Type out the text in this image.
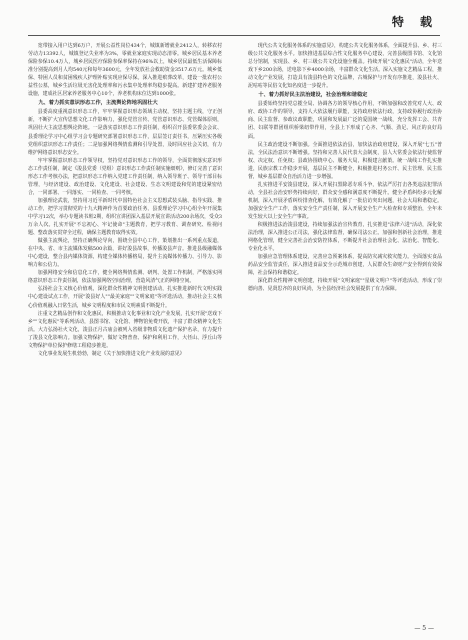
特 载

宽带接入用户达到6万户，开展公益性岗位434个，城镇新增就业2412人，转移农村劳动力13392人，城镇登记失业率为3%，零就业家庭实现动态清零。城乡居民基本养老保险参保10.4万人，城乡居民医疗保险参保率保持在96%以上，城乡居民最低生活保障标准分别提高到月人均540元和每年3600元，全年发放社会救助资金3517.6万元。城乡低保、特困人员和贫困残疾人护理补贴实现应保尽保。深入推进殡葬改革，建设一批农村公益性公墓，城乡生活垃圾无害化处理率和污水集中处理率均稳步提高。新建扩建养老服务设施，建成社区居家养老服务中心10个，养老机构床位达到1000张。

九、着力抓实意识形态工作，主流舆论阵地巩固壮大

县委高度重视意识形态工作，牢牢掌握意识形态领域主动权，坚持主题主线，守正创新，不断扩大宣传思想文化工作影响力，强化党管宣传、党管意识形态、党管媒体原则，巩固壮大主流思想舆论阵地。一是落实意识形态工作责任制，组织召开县委常委会会议、县委理论学习中心组学习会专题研究部署意识形态工作，层层签订责任书，压紧压实各级党组织意识形态工作责任；二是加强网络舆情监测和引导处置，及时回应社会关切，有力维护网络意识形态安全。

牢牢掌握意识形态工作领导权，坚持党对意识形态工作的领导，全面贯彻落实意识形态工作责任制，制定《浚县党委（党组）意识形态工作责任制实施细则》，修订完善了意识形态工作考核办法，把意识形态工作纳入党建工作责任制，纳入领导班子、领导干部目标管理，与经济建设、政治建设、文化建设、社会建设、生态文明建设和党的建设紧密结合，一同部署、一同落实、一同检查、一同考核。

加强理论武装，坚持用习近平新时代中国特色社会主义思想武装头脑、指导实践、推动工作，把学习贯彻党的十九大精神作为首要政治任务，县委理论学习中心组全年开展集中学习12次，举办专题读书班2期，组织宣讲团深入基层开展宣讲活动200余场次，受众3万余人次。扎实开展"不忘初心、牢记使命"主题教育，把学习教育、调查研究、检视问题、整改落实贯穿全过程，确保主题教育取得实效。

做强主流舆论，坚持正确舆论导向，围绕全县中心工作，策划推出一系列重点报道，在中央、省、市主流媒体发稿500余篇，讲好浚县故事，传播浚县声音。推进县级融媒体中心建设，整合县内媒体资源，构建全媒体传播格局，提升主流媒体传播力、引导力、影响力和公信力。

加强网络安全和信息化工作，健全网络舆情监测、研判、处置工作机制，严格落实网络意识形态工作责任制，依法加强网络空间治理，营造风清气正的网络空间。

弘扬社会主义核心价值观，深化群众性精神文明创建活动，扎实推进新时代文明实践中心建设试点工作，开展"浚县好人""最美家庭""文明家庭"等评选活动，推动社会主义核心价值观融入日常生活，城乡文明程度和市民文明素质不断提升。

注重文艺精品创作和文化惠民，积极推动文化事业和文化产业发展，扎实开展"送戏下乡""文化惠民"等系列活动，县图书馆、文化馆、博物馆免费开放，丰富了群众精神文化生活。大力弘扬社火文化，浚县正月古庙会被列入省级非物质文化遗产保护名录，有力提升了浚县文化影响力。加强文物保护，做好文物普查、保护和利用工作，大伾山、浮丘山等文物保护单位保护修缮工程稳步推进。

文化事业发展生机勃勃，制定《关于加快推进文化产业发展的意见》

现代公共文化服务体系的实施意见》，构建公共文化服务体系，全面提升县、乡、村三级公共文化服务水平。加快推进基层综合性文化服务中心建设，完善县级图书馆、文化馆总分馆制，实现县、乡、村三级公共文化设施全覆盖。持续开展"文化惠民"活动，全年送戏下乡200余场，送电影下乡4000余场，丰富群众文化生活。深入实施文艺精品工程，推动文化产业发展，打造具有浚县特色的文化品牌，古城保护与开发有序推进，浚县社火、泥咕咕等民俗文化知名度进一步提升。

十、着力抓好民主法治建设，社会治理和谐稳定

县委始终坚持党总揽全局、协调各方的领导核心作用，不断加强和改善党对人大、政府、政协工作的领导，支持人大依法履行职能，支持政府依法行政，支持政协履行政治协商、民主监督、参政议政职能，巩固和发展最广泛的爱国统一战线，充分发挥工会、共青团、妇联等群团组织桥梁纽带作用，全县上下形成了心齐、气顺、劲足、风正的良好局面。

民主政治建设不断加强。全面推进依法治县，加快法治政府建设，深入开展"七五"普法，全民法治意识不断增强。坚持和完善人民代表大会制度，县人大常委会依法行使监督权、决定权、任免权；县政协围绕中心、服务大局，积极建言献策。统一战线工作扎实推进，民族宗教工作稳步开展，基层民主不断健全，积极推进村务公开、民主管理、民主监督，城乡基层群众自治活力进一步增强。

扎实推进平安浚县建设，深入开展扫黑除恶专项斗争，依法严厉打击各类违法犯罪活动，全县社会治安形势持续向好，群众安全感和满意度不断提升。健全矛盾纠纷多元化解机制，深入开展矛盾纠纷排查化解，有效化解了一批信访突出问题，社会大局和谐稳定。加强安全生产工作，落实安全生产责任制，深入开展安全生产大检查和专项整治，全年未发生较大以上安全生产事故。

积极推进法治浚县建设，持续加强法治宣传教育，扎实推进"法律六进"活动，深化依法治理，深入推进公正司法，强化法律监督，确保司法公正。加强和创新社会治理，推进网格化管理，健全完善社会治安防控体系，不断提升社会治理社会化、法治化、智能化、专业化水平。

加强应急管理体系建设，完善应急预案体系，提高防灾减灾救灾能力。全面落实食品药品安全监管责任，深入推进食品安全示范城市创建，人民群众生命财产安全得到有效保障，社会保持和谐稳定。

深化群众性精神文明创建，持续开展"文明家庭""星级文明户"等评选活动，形成了崇德向善、见贤思齐的良好风尚，为全县经济社会发展提供了有力保障。

— 5 —
